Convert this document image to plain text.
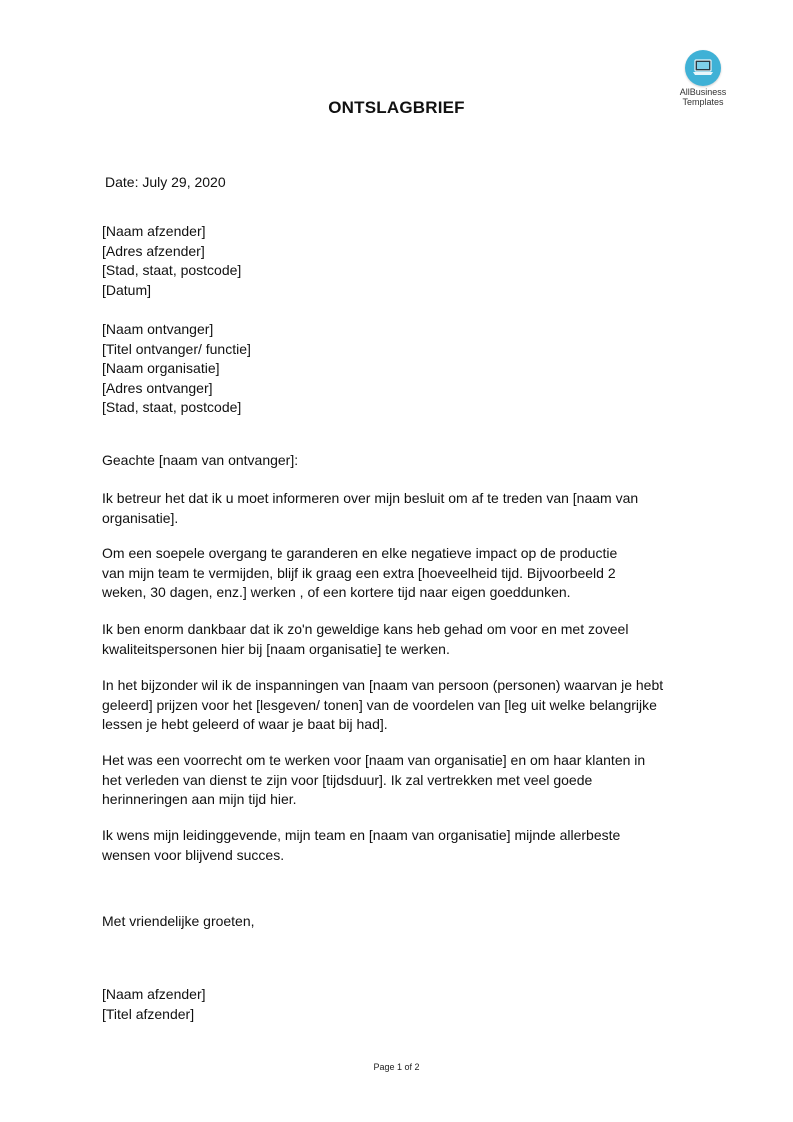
AllBusiness
Templates
ONTSLAGBRIEF
Date: July 29, 2020
[Naam afzender]
[Adres afzender]
[Stad, staat, postcode]
[Datum]
[Naam ontvanger]
[Titel ontvanger/ functie]
[Naam organisatie]
[Adres ontvanger]
[Stad, staat, postcode]
Geachte [naam van ontvanger]:
Ik betreur het dat ik u moet informeren over mijn besluit om af te treden van [naam van
organisatie].
Om een soepele overgang te garanderen en elke negatieve impact op de productie
van mijn team te vermijden, blijf ik graag een extra [hoeveelheid tijd. Bijvoorbeeld 2
weken, 30 dagen, enz.] werken , of een kortere tijd naar eigen goeddunken.
Ik ben enorm dankbaar dat ik zo'n geweldige kans heb gehad om voor en met zoveel
kwaliteitspersonen hier bij [naam organisatie] te werken.
In het bijzonder wil ik de inspanningen van [naam van persoon (personen) waarvan je hebt
geleerd] prijzen voor het [lesgeven/ tonen] van de voordelen van [leg uit welke belangrijke
lessen je hebt geleerd of waar je baat bij had].
Het was een voorrecht om te werken voor [naam van organisatie] en om haar klanten in
het verleden van dienst te zijn voor [tijdsduur]. Ik zal vertrekken met veel goede
herinneringen aan mijn tijd hier.
Ik wens mijn leidinggevende, mijn team en [naam van organisatie] mijnde allerbeste
wensen voor blijvend succes.
Met vriendelijke groeten,
[Naam afzender]
[Titel afzender]
Page 1 of 2
